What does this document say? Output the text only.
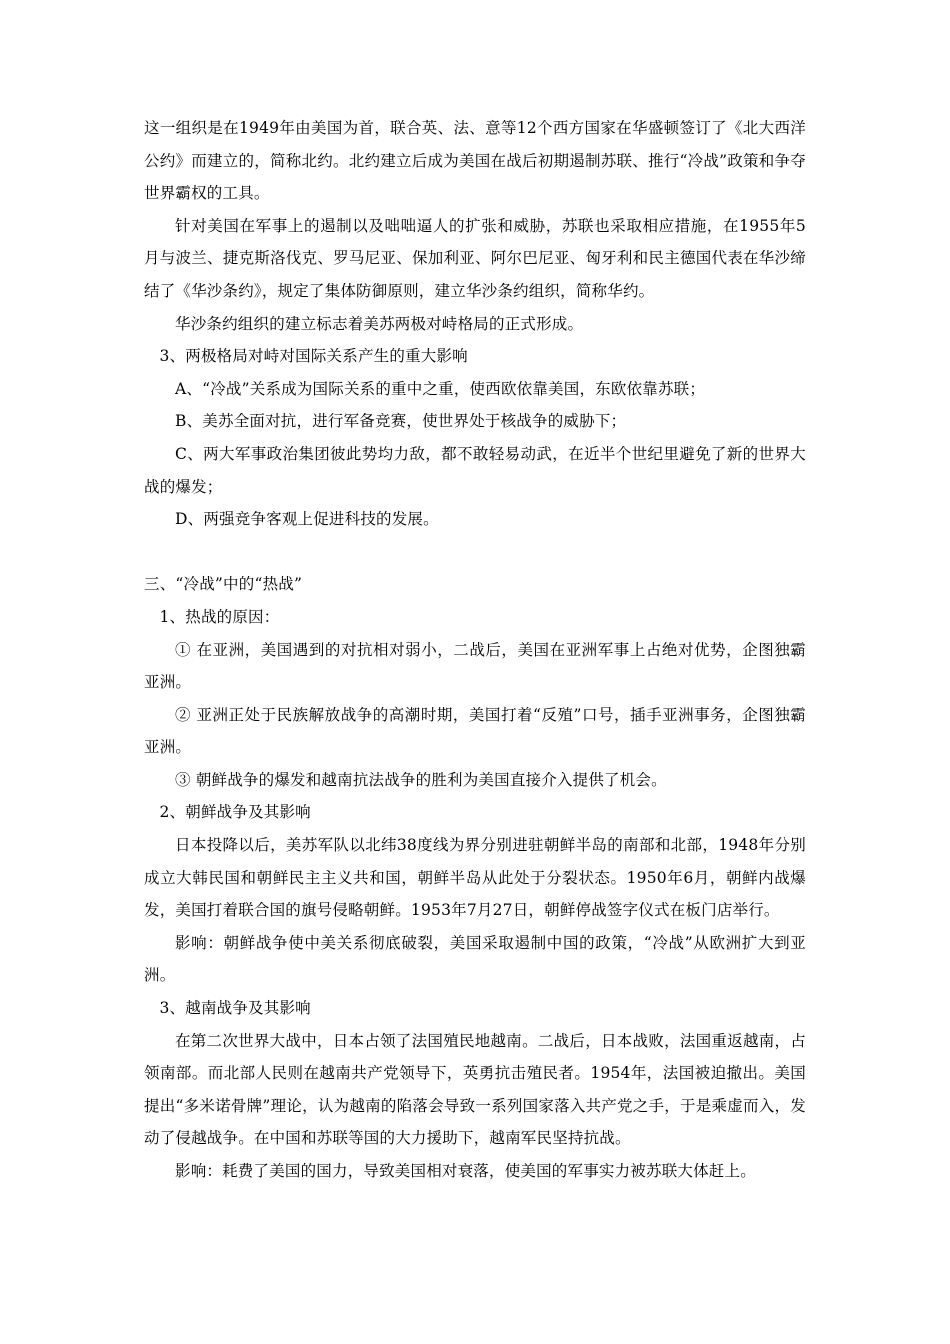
这一组织是在1949年由美国为首，联合英、法、意等12个西方国家在华盛顿签订了《北大西洋公约》而建立的，简称北约。北约建立后成为美国在战后初期遏制苏联、推行“冷战”政策和争夺世界霸权的工具。

针对美国在军事上的遏制以及咄咄逼人的扩张和威胁，苏联也采取相应措施，在1955年5月与波兰、捷克斯洛伐克、罗马尼亚、保加利亚、阿尔巴尼亚、匈牙利和民主德国代表在华沙缔结了《华沙条约》，规定了集体防御原则，建立华沙条约组织，简称华约。

华沙条约组织的建立标志着美苏两极对峙格局的正式形成。

3、两极格局对峙对国际关系产生的重大影响

A、“冷战”关系成为国际关系的重中之重，使西欧依靠美国，东欧依靠苏联；

B、美苏全面对抗，进行军备竞赛，使世界处于核战争的威胁下；

C、两大军事政治集团彼此势均力敌，都不敢轻易动武，在近半个世纪里避免了新的世界大战的爆发；

D、两强竞争客观上促进科技的发展。

三、“冷战”中的“热战”

1、热战的原因：

① 在亚洲，美国遇到的对抗相对弱小，二战后，美国在亚洲军事上占绝对优势，企图独霸亚洲。

② 亚洲正处于民族解放战争的高潮时期，美国打着“反殖”口号，插手亚洲事务，企图独霸亚洲。

③ 朝鲜战争的爆发和越南抗法战争的胜利为美国直接介入提供了机会。

2、朝鲜战争及其影响

日本投降以后，美苏军队以北纬38度线为界分别进驻朝鲜半岛的南部和北部，1948年分别成立大韩民国和朝鲜民主主义共和国，朝鲜半岛从此处于分裂状态。1950年6月，朝鲜内战爆发，美国打着联合国的旗号侵略朝鲜。1953年7月27日，朝鲜停战签字仪式在板门店举行。

影响：朝鲜战争使中美关系彻底破裂，美国采取遏制中国的政策，“冷战”从欧洲扩大到亚洲。

3、越南战争及其影响

在第二次世界大战中，日本占领了法国殖民地越南。二战后，日本战败，法国重返越南，占领南部。而北部人民则在越南共产党领导下，英勇抗击殖民者。1954年，法国被迫撤出。美国提出“多米诺骨牌”理论，认为越南的陷落会导致一系列国家落入共产党之手，于是乘虚而入，发动了侵越战争。在中国和苏联等国的大力援助下，越南军民坚持抗战。

影响：耗费了美国的国力，导致美国相对衰落，使美国的军事实力被苏联大体赶上。
